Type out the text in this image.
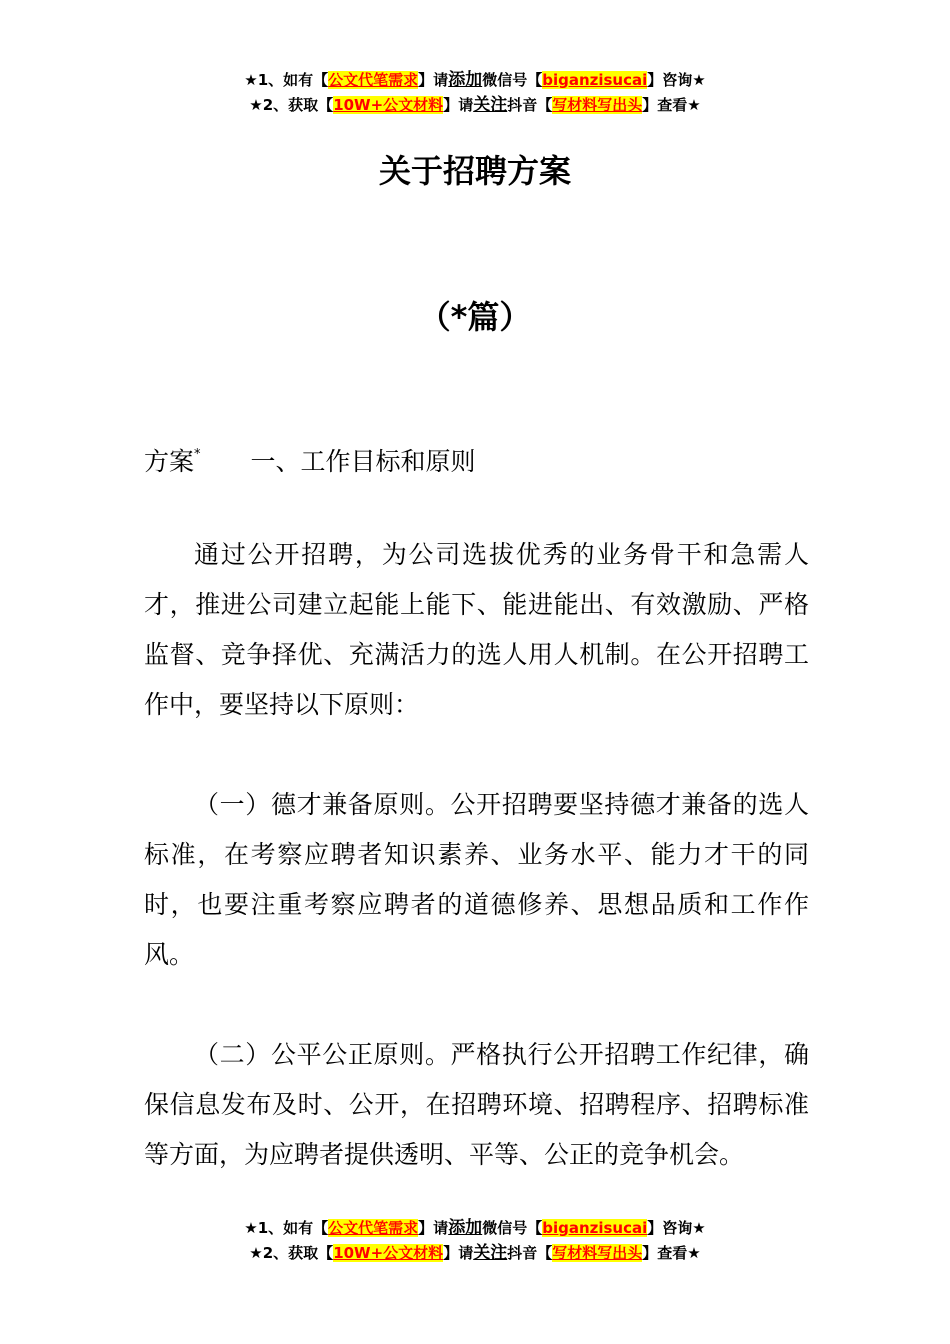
★1、如有【公文代笔需求】请添加微信号【biganzisucai】咨询★
★2、获取【10W+公文材料】请关注抖音【写材料写出头】查看★
关于招聘方案
（*篇）
方案* 一、工作目标和原则

通过公开招聘，为公司选拔优秀的业务骨干和急需人才，推进公司建立起能上能下、能进能出、有效激励、严格监督、竞争择优、充满活力的选人用人机制。在公开招聘工作中，要坚持以下原则：

（一）德才兼备原则。公开招聘要坚持德才兼备的选人标准，在考察应聘者知识素养、业务水平、能力才干的同时，也要注重考察应聘者的道德修养、思想品质和工作作风。

（二）公平公正原则。严格执行公开招聘工作纪律，确保信息发布及时、公开，在招聘环境、招聘程序、招聘标准等方面，为应聘者提供透明、平等、公正的竞争机会。

★1、如有【公文代笔需求】请添加微信号【biganzisucai】咨询★
★2、获取【10W+公文材料】请关注抖音【写材料写出头】查看★
